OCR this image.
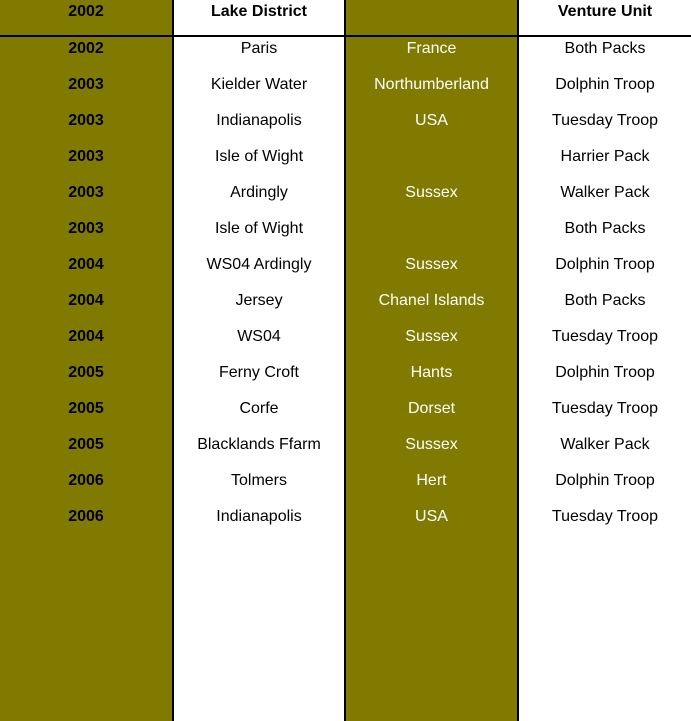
2002
2002
2003
2003
2003
2003
2003
2004
2004
2004
2005
2005
2005
2006
2006
Lake District
Paris
Kielder Water
Indianapolis
Isle of Wight
Ardingly
Isle of Wight
WS04 Ardingly
Jersey
WS04
Ferny Croft
Corfe
Blacklands Ffarm
Tolmers
Indianapolis
France
Northumberland
USA
Sussex
Sussex
Chanel Islands
Sussex
Hants
Dorset
Sussex
Hert
USA
Venture Unit
Both Packs
Dolphin Troop
Tuesday Troop
Harrier Pack
Walker Pack
Both Packs
Dolphin Troop
Both Packs
Tuesday Troop
Dolphin Troop
Tuesday Troop
Walker Pack
Dolphin Troop
Tuesday Troop
